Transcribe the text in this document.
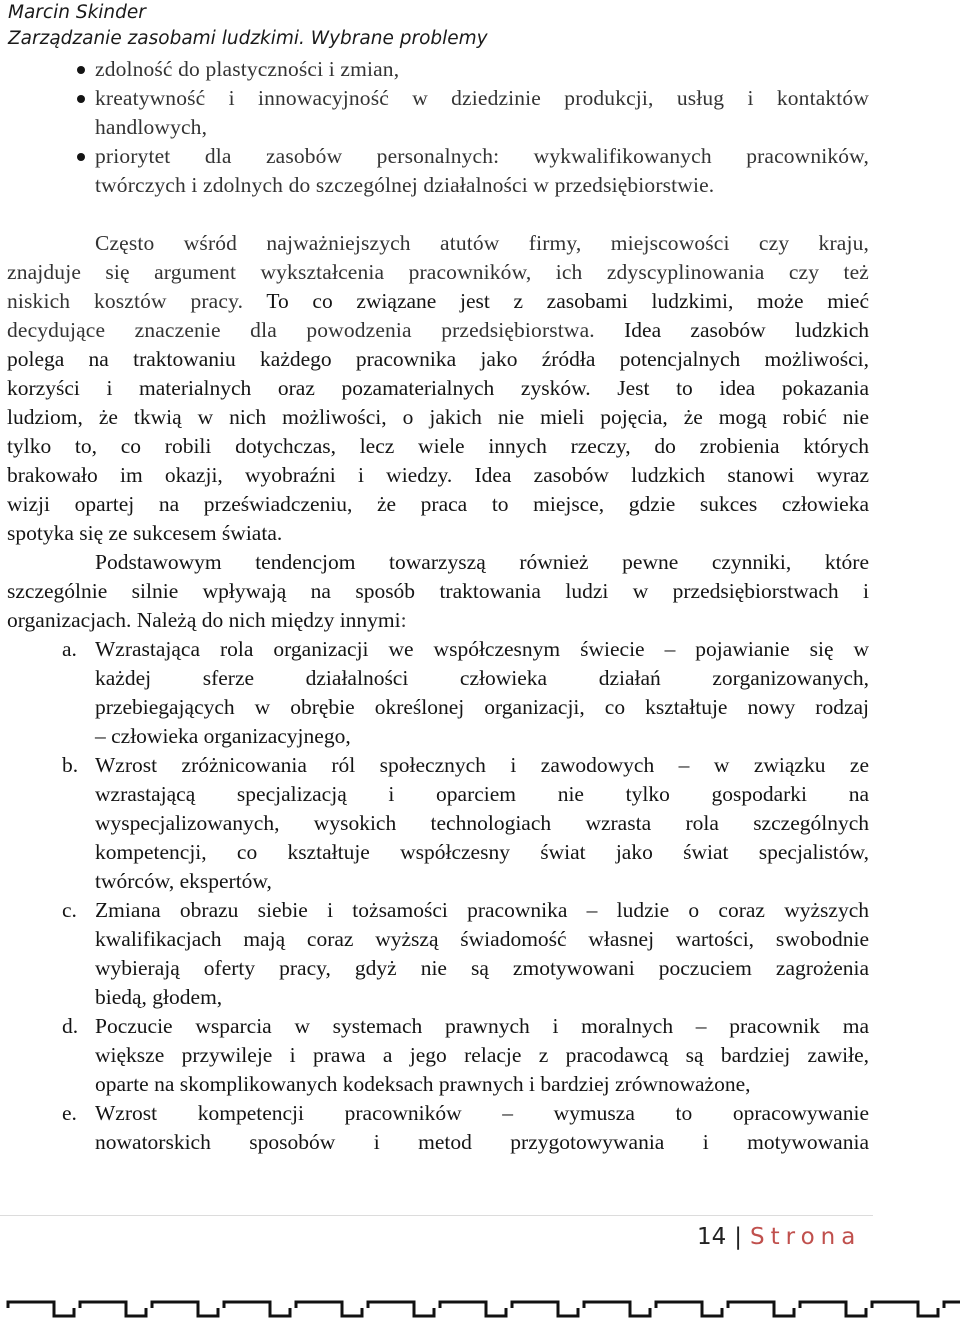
Marcin Skinder
Zarządzanie zasobami ludzkimi. Wybrane problemy
zdolność do plastyczności i zmian,
kreatywność i innowacyjność w dziedzinie produkcji, usług i kontaktów
handlowych,
priorytet dla zasobów personalnych: wykwalifikowanych pracowników,
twórczych i zdolnych do szczególnej działalności w przedsiębiorstwie.
Często wśród najważniejszych atutów firmy, miejscowości czy kraju,
znajduje się argument wykształcenia pracowników, ich zdyscyplinowania czy też
niskich kosztów pracy. To co związane jest z zasobami ludzkimi, może mieć
decydujące znaczenie dla powodzenia przedsiębiorstwa. Idea zasobów ludzkich
polega na traktowaniu każdego pracownika jako źródła potencjalnych możliwości,
korzyści i materialnych oraz pozamaterialnych zysków. Jest to idea pokazania
ludziom, że tkwią w nich możliwości, o jakich nie mieli pojęcia, że mogą robić nie
tylko to, co robili dotychczas, lecz wiele innych rzeczy, do zrobienia których
brakowało im okazji, wyobraźni i wiedzy. Idea zasobów ludzkich stanowi wyraz
wizji opartej na przeświadczeniu, że praca to miejsce, gdzie sukces człowieka
spotyka się ze sukcesem świata.
Podstawowym tendencjom towarzyszą również pewne czynniki, które
szczególnie silnie wpływają na sposób traktowania ludzi w przedsiębiorstwach i
organizacjach. Należą do nich między innymi:
a. Wzrastająca rola organizacji we współczesnym świecie – pojawianie się w
każdej sferze działalności człowieka działań zorganizowanych,
przebiegających w obrębie określonej organizacji, co kształtuje nowy rodzaj
– człowieka organizacyjnego,
b. Wzrost zróżnicowania ról społecznych i zawodowych – w związku ze
wzrastającą specjalizacją i oparciem nie tylko gospodarki na
wyspecjalizowanych, wysokich technologiach wzrasta rola szczególnych
kompetencji, co kształtuje współczesny świat jako świat specjalistów,
twórców, ekspertów,
c. Zmiana obrazu siebie i tożsamości pracownika – ludzie o coraz wyższych
kwalifikacjach mają coraz wyższą świadomość własnej wartości, swobodnie
wybierają oferty pracy, gdyż nie są zmotywowani poczuciem zagrożenia
biedą, głodem,
d. Poczucie wsparcia w systemach prawnych i moralnych – pracownik ma
większe przywileje i prawa a jego relacje z pracodawcą są bardziej zawiłe,
oparte na skomplikowanych kodeksach prawnych i bardziej zrównoważone,
e. Wzrost kompetencji pracowników – wymusza to opracowywanie
nowatorskich sposobów i metod przygotowywania i motywowania
14 | Strona
